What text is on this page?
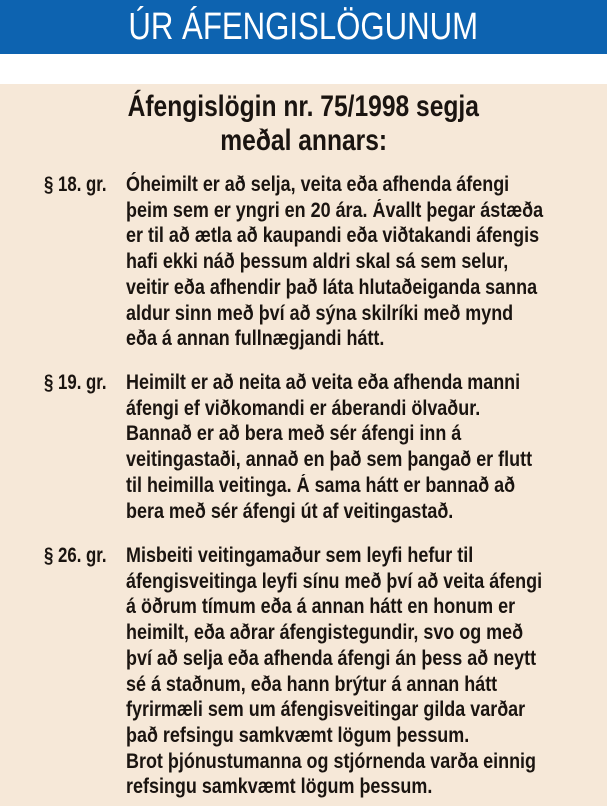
ÚR ÁFENGISLÖGUNUM
Áfengislögin nr. 75/1998 segja
meðal annars:
§ 18. gr. Óheimilt er að selja, veita eða afhenda áfengi
þeim sem er yngri en 20 ára. Ávallt þegar ástæða
er til að ætla að kaupandi eða viðtakandi áfengis
hafi ekki náð þessum aldri skal sá sem selur,
veitir eða afhendir það láta hlutaðeiganda sanna
aldur sinn með því að sýna skilríki með mynd
eða á annan fullnægjandi hátt.
§ 19. gr. Heimilt er að neita að veita eða afhenda manni
áfengi ef viðkomandi er áberandi ölvaður.
Bannað er að bera með sér áfengi inn á
veitingastaði, annað en það sem þangað er flutt
til heimilla veitinga. Á sama hátt er bannað að
bera með sér áfengi út af veitingastað.
§ 26. gr. Misbeiti veitingamaður sem leyfi hefur til
áfengisveitinga leyfi sínu með því að veita áfengi
á öðrum tímum eða á annan hátt en honum er
heimilt, eða aðrar áfengistegundir, svo og með
því að selja eða afhenda áfengi án þess að neytt
sé á staðnum, eða hann brýtur á annan hátt
fyrirmæli sem um áfengisveitingar gilda varðar
það refsingu samkvæmt lögum þessum.
Brot þjónustumanna og stjórnenda varða einnig
refsingu samkvæmt lögum þessum.
